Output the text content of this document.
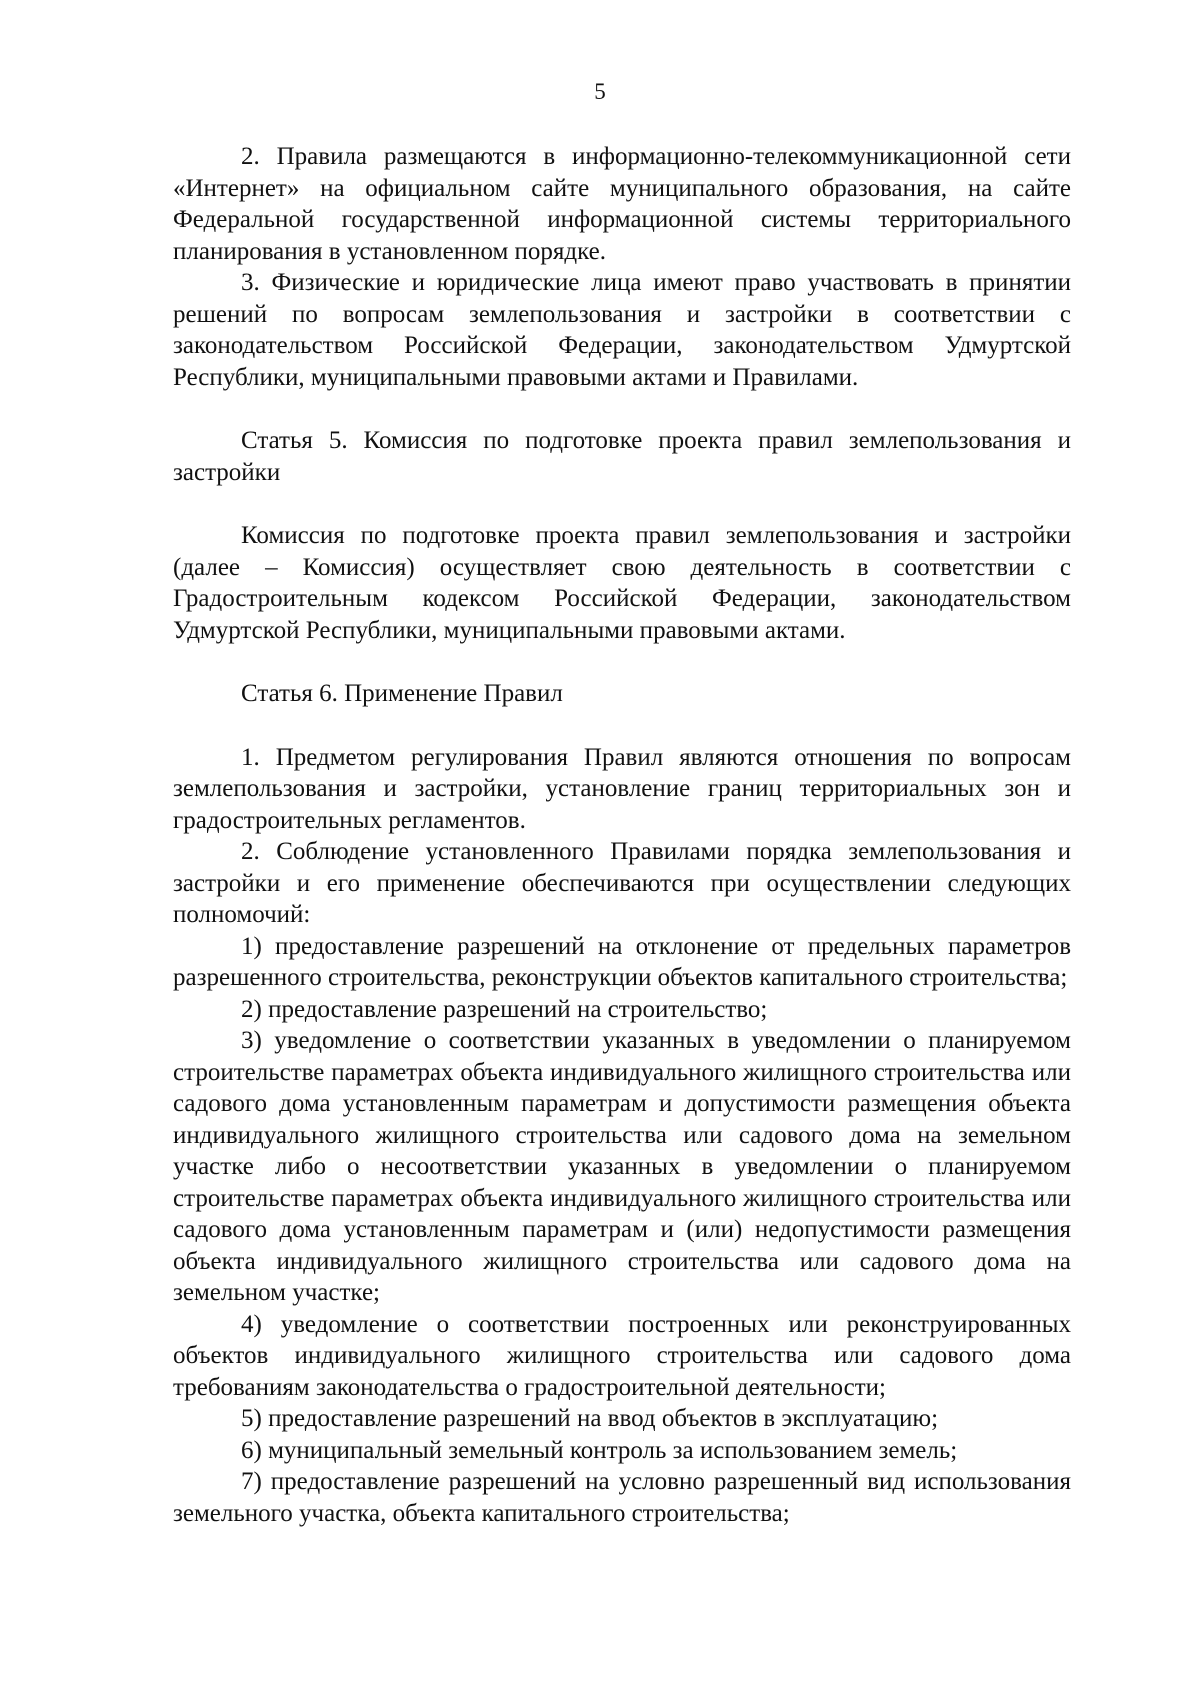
5

2. Правила размещаются в информационно-телекоммуникационной сети «Интернет» на официальном сайте муниципального образования, на сайте Федеральной государственной информационной системы территориального планирования в установленном порядке.

3. Физические и юридические лица имеют право участвовать в принятии решений по вопросам землепользования и застройки в соответствии с законодательством Российской Федерации, законодательством Удмуртской Республики, муниципальными правовыми актами и Правилами.

Статья 5. Комиссия по подготовке проекта правил землепользования и застройки

Комиссия по подготовке проекта правил землепользования и застройки (далее – Комиссия) осуществляет свою деятельность в соответствии с Градостроительным кодексом Российской Федерации, законодательством Удмуртской Республики, муниципальными правовыми актами.

Статья 6. Применение Правил

1. Предметом регулирования Правил являются отношения по вопросам землепользования и застройки, установление границ территориальных зон и градостроительных регламентов.

2. Соблюдение установленного Правилами порядка землепользования и застройки и его применение обеспечиваются при осуществлении следующих полномочий:

1) предоставление разрешений на отклонение от предельных параметров разрешенного строительства, реконструкции объектов капитального строительства;

2) предоставление разрешений на строительство;

3) уведомление о соответствии указанных в уведомлении о планируемом строительстве параметрах объекта индивидуального жилищного строительства или садового дома установленным параметрам и допустимости размещения объекта индивидуального жилищного строительства или садового дома на земельном участке либо о несоответствии указанных в уведомлении о планируемом строительстве параметрах объекта индивидуального жилищного строительства или садового дома установленным параметрам и (или) недопустимости размещения объекта индивидуального жилищного строительства или садового дома на земельном участке;

4) уведомление о соответствии построенных или реконструированных объектов индивидуального жилищного строительства или садового дома требованиям законодательства о градостроительной деятельности;

5) предоставление разрешений на ввод объектов в эксплуатацию;

6) муниципальный земельный контроль за использованием земель;

7) предоставление разрешений на условно разрешенный вид использования земельного участка, объекта капитального строительства;
